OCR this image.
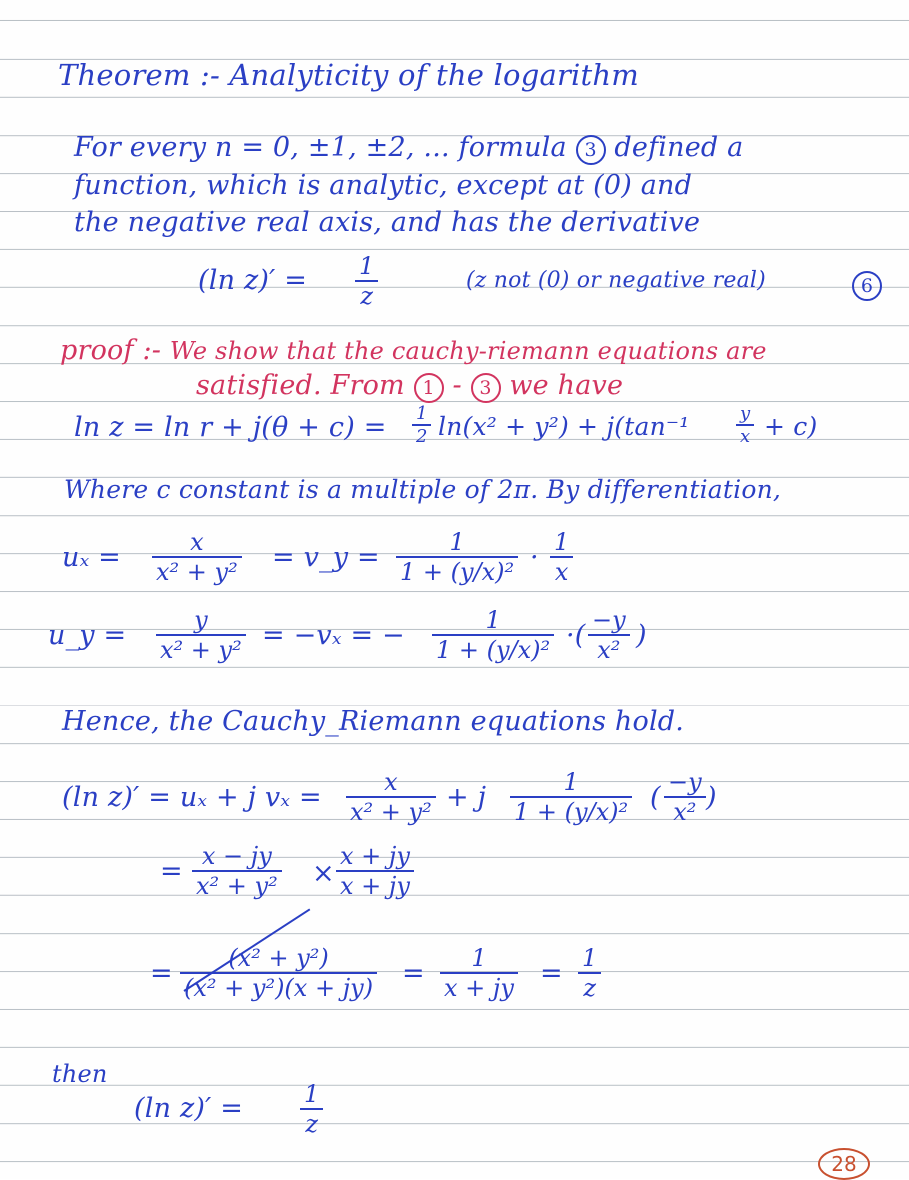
Theorem :- Analyticity of the logarithm
For every n = 0, ±1, ±2, ... formula 3 defined a
function, which is analytic, except at (0) and
the negative real axis, and has the derivative
(ln $z)' = \frac{1}{z}$	(z not (0) or negative real)	6
proof :- We show that the cauchy-riemann equations are
satisfied. From 1 - 3 we have
$\ln z = \ln r + j(\theta + c) = \frac{1}{2} \ln(x^2 + y^2) + j(\tan^{-1}$	$\frac{y}{x} + c$)
Where c constant is a multiple of 2π. By differentiation,
$u_x = \frac{x}{\text{x² + y²}}$ = v_y = $\frac{1}{\text{1 + (y/x)²}} \cdot \frac{1}{x}$
u_y = $\frac{y}{\text{x² + y²}} = -v_x$ = − $\frac{1}{\text{1 + (y/x)²}}$ ·( $\frac{-y}{\text{x²}}$ )
Hence, the Cauchy_Riemann equations hold.
(ln z)′ = uₓ + j $v_x = \frac{x}{\text{x² + y²}} + j \frac{1}{\text{1 + (y/x)²}}$ ( $\frac{-y}{\text{x²}}$ )
= $\frac{x - jy}{\text{x² + y²}} \times \frac{x + jy}{x + jy}$
= $\frac{\text{(x² + y²)}}{\text{(x² + y²)(x + jy)}} = \frac{1}{x + jy} = \frac{1}{z}$
then
(ln $z)' = \frac{1}{z}$
28
